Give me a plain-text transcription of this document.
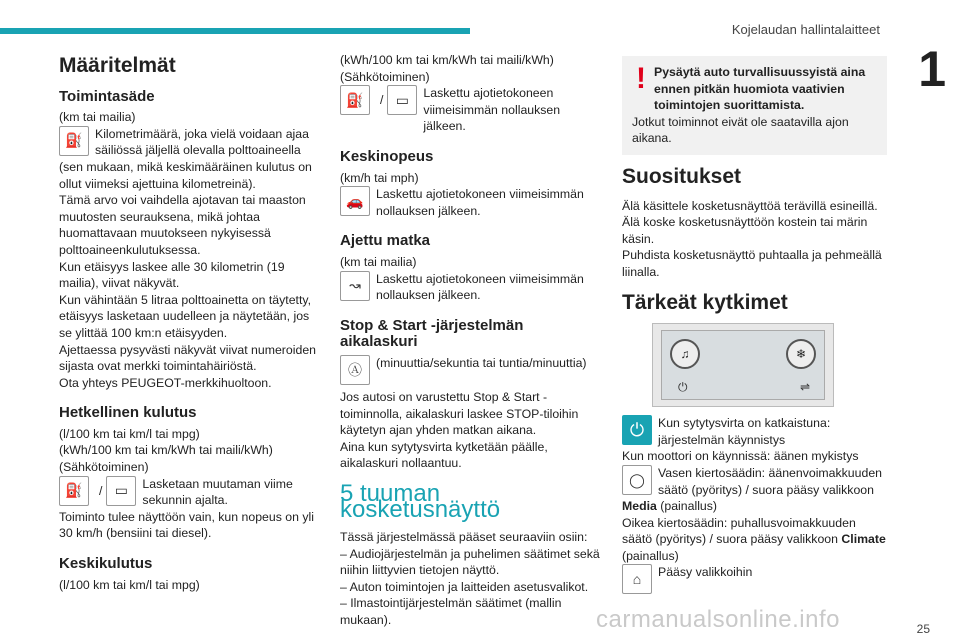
Kojelaudan hallintalaitteet
1
Määritelmät
Toimintasäde

(km tai mailia)

⛽ Kilometrimäärä, joka vielä voidaan ajaa säiliössä jäljellä olevalla polttoaineella

(sen mukaan, mikä keskimääräinen kulutus on ollut viimeksi ajettuina kilometreinä).

Tämä arvo voi vaihdella ajotavan tai maaston muutosten seurauksena, mikä johtaa huomattavaan muutokseen nykyisessä polttoaineenkulutuksessa.

Kun etäisyys laskee alle 30 kilometrin (19 mailia), viivat näkyvät.

Kun vähintään 5 litraa polttoainetta on täytetty, etäisyys lasketaan uudelleen ja näytetään, jos se ylittää 100 km:n etäisyyden.

Ajettaessa pysyvästi näkyvät viivat numeroiden sijasta ovat merkki toimintahäiriöstä.

Ota yhteys PEUGEOT-merkkihuoltoon.

Hetkellinen kulutus

(l/100 km tai km/l tai mpg)

(kWh/100 km tai km/kWh tai maili/kWh)

(Sähkötoiminen)

⛽	/ ▭	Lasketaan muutaman viime sekunnin ajalta.

Toiminto tulee näyttöön vain, kun nopeus on yli 30 km/h (bensiini tai diesel).

Keskikulutus

(l/100 km tai km/l tai mpg)

(kWh/100 km tai km/kWh tai maili/kWh)

(Sähkötoiminen)

⛽	/ ▭	Laskettu ajotietokoneen viimeisimmän nollauksen jälkeen.

Keskinopeus

(km/h tai mph)

🚗 Laskettu ajotietokoneen viimeisimmän nollauksen jälkeen.

Ajettu matka

(km tai mailia)

↝	Laskettu ajotietokoneen viimeisimmän nollauksen jälkeen.

Stop & Start -järjestelmän aikalaskuri
Ⓐ	(minuuttia/sekuntia tai tuntia/minuuttia)

Jos autosi on varustettu Stop & Start -toiminnolla, aikalaskuri laskee STOP-tiloihin käytetyn ajan yhden matkan aikana.

Aina kun sytytysvirta kytketään päälle, aikalaskuri nollaantuu.

5 tuuman kosketusnäyttö

Tässä järjestelmässä pääset seuraaviin osiin:

– Audiojärjestelmän ja puhelimen säätimet sekä niihin liittyvien tietojen näyttö.

– Auton toimintojen ja laitteiden asetusvalikot.

– Ilmastointijärjestelmän säätimet (mallin mukaan).

! Pysäytä auto turvallisuussyistä aina ennen pitkän huomiota vaativien toimintojen suorittamista.

Jotkut toiminnot eivät ole saatavilla ajon aikana.

Suositukset

Älä käsittele kosketusnäyttöä terävillä esineillä.

Älä koske kosketusnäyttöön kostein tai märin käsin.

Puhdista kosketusnäyttö puhtaalla ja pehmeällä liinalla.

Tärkeät kytkimet
♫	❄
⏻	⇌
⏻	Kun sytytysvirta on katkaistuna: järjestelmän käynnistys

Kun moottori on käynnissä: äänen mykistys

◯	Vasen kiertosäädin: äänenvoimakkuuden säätö (pyöritys) / suora pääsy valikkoon

Media (painallus)

Oikea kiertosäädin: puhallusvoimakkuuden säätö (pyöritys) / suora pääsy valikkoon Climate

(painallus)

⌂	Pääsy valikkoihin

carmanualsonline.info	25
